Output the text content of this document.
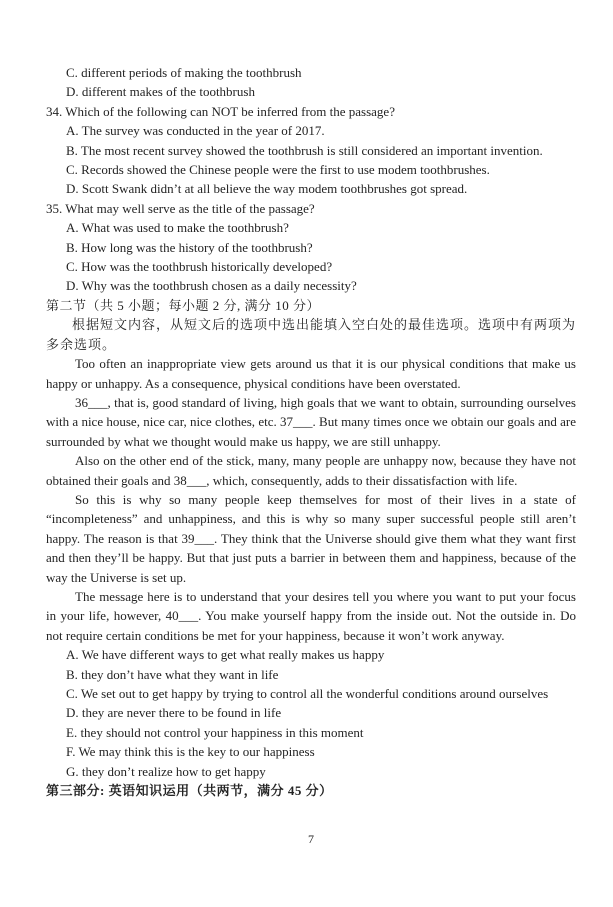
C. different periods of making the toothbrush
D. different makes of the toothbrush
34. Which of the following can NOT be inferred from the passage?
A. The survey was conducted in the year of 2017.
B. The most recent survey showed the toothbrush is still considered an important invention.
C. Records showed the Chinese people were the first to use modem toothbrushes.
D. Scott Swank didn’t at all believe the way modem toothbrushes got spread.
35. What may well serve as the title of the passage?
A. What was used to make the toothbrush?
B. How long was the history of the toothbrush?
C. How was the toothbrush historically developed?
D. Why was the toothbrush chosen as a daily necessity?
第二节（共 5 小题；每小题 2 分, 满分 10 分）
根据短文内容，从短文后的选项中选出能填入空白处的最佳选项。选项中有两项为多余选项。
Too often an inappropriate view gets around us that it is our physical conditions that make us happy or unhappy. As a consequence, physical conditions have been overstated.
36___, that is, good standard of living, high goals that we want to obtain, surrounding ourselves with a nice house, nice car, nice clothes, etc. 37___. But many times once we obtain our goals and are surrounded by what we thought would make us happy, we are still unhappy.
Also on the other end of the stick, many, many people are unhappy now, because they have not obtained their goals and 38___, which, consequently, adds to their dissatisfaction with life.
So this is why so many people keep themselves for most of their lives in a state of “incompleteness” and unhappiness, and this is why so many super successful people still aren’t happy. The reason is that 39___. They think that the Universe should give them what they want first and then they’ll be happy. But that just puts a barrier in between them and happiness, because of the way the Universe is set up.
The message here is to understand that your desires tell you where you want to put your focus in your life, however, 40___. You make yourself happy from the inside out. Not the outside in. Do not require certain conditions be met for your happiness, because it won’t work anyway.
A. We have different ways to get what really makes us happy
B. they don’t have what they want in life
C. We set out to get happy by trying to control all the wonderful conditions around ourselves
D. they are never there to be found in life
E. they should not control your happiness in this moment
F. We may think this is the key to our happiness
G. they don’t realize how to get happy
第三部分: 英语知识运用（共两节，满分 45 分）
7
